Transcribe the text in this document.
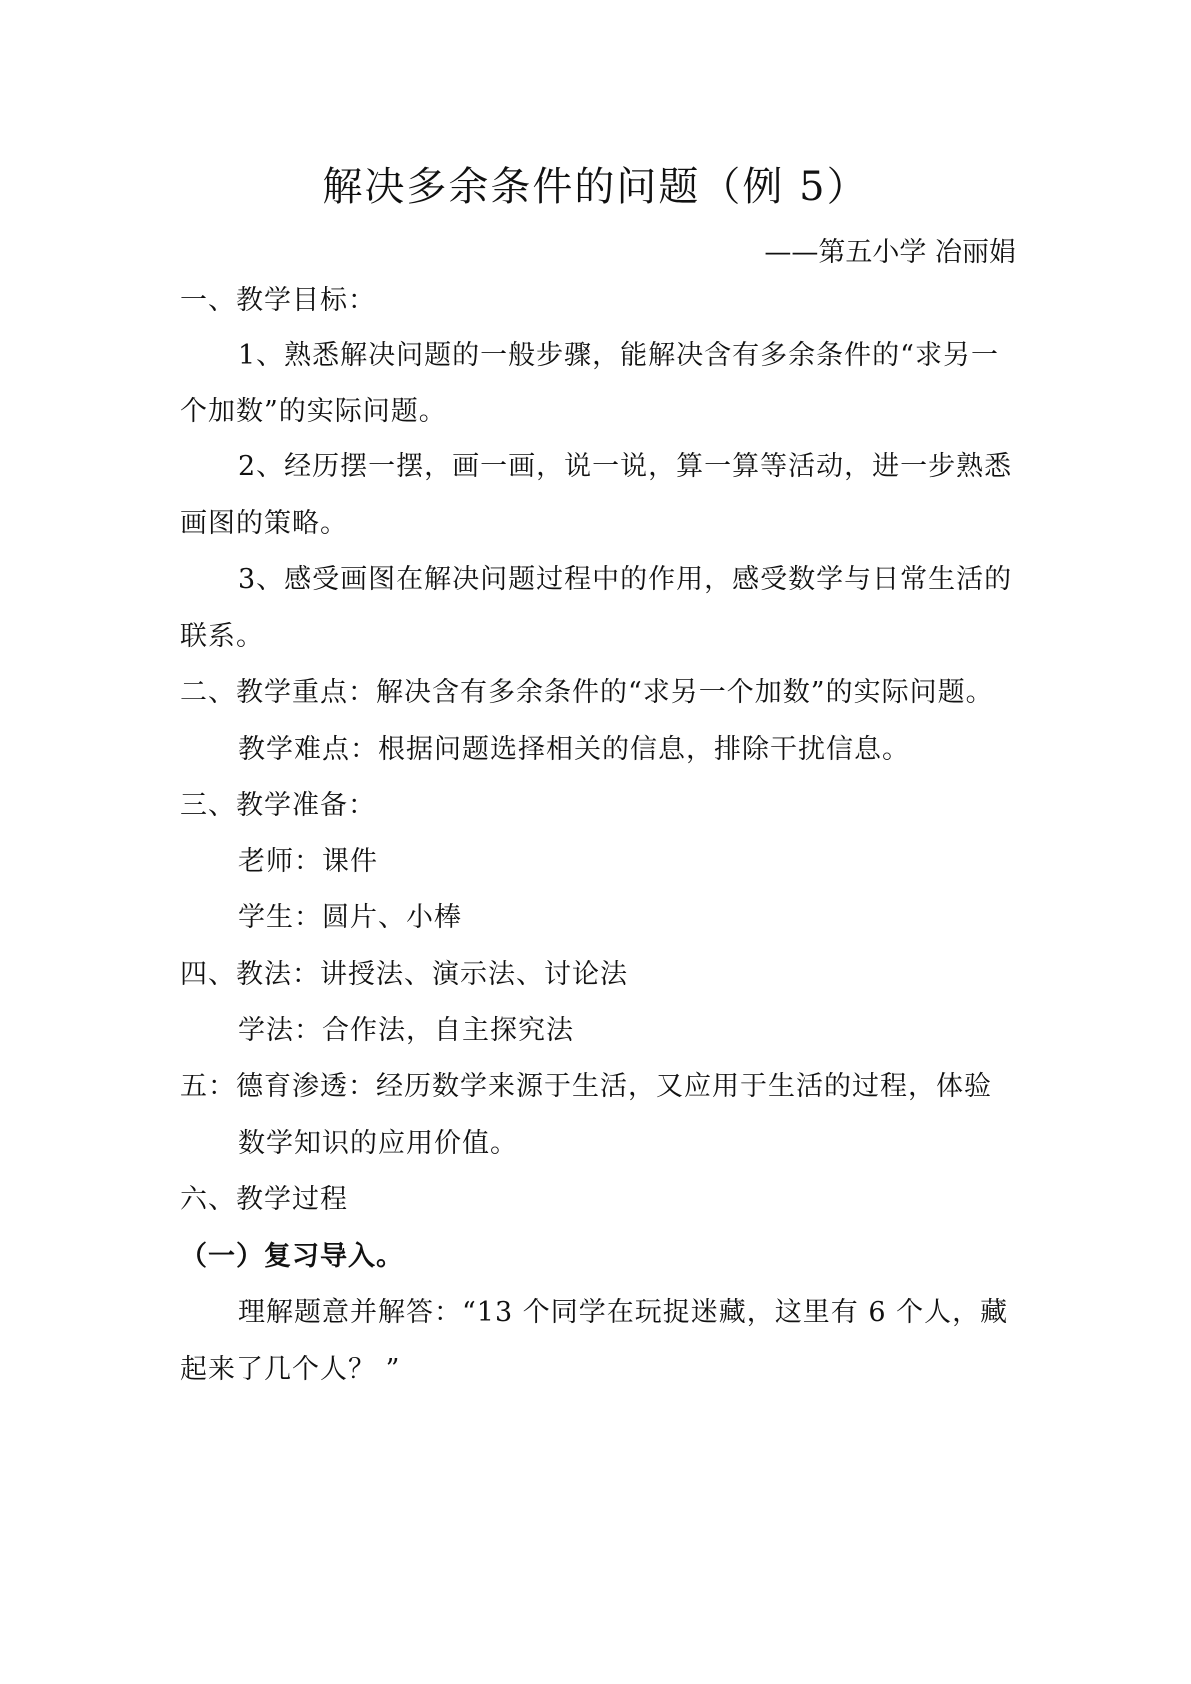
解决多余条件的问题（例 5）
——第五小学 冶丽娟
一、教学目标：
1、熟悉解决问题的一般步骤，能解决含有多余条件的“求另一
个加数”的实际问题。
2、经历摆一摆，画一画，说一说，算一算等活动，进一步熟悉
画图的策略。
3、感受画图在解决问题过程中的作用，感受数学与日常生活的
联系。
二、教学重点：解决含有多余条件的“求另一个加数”的实际问题。
教学难点：根据问题选择相关的信息，排除干扰信息。
三、教学准备：
老师：课件
学生：圆片、小棒
四、教法：讲授法、演示法、讨论法
学法：合作法，自主探究法
五：德育渗透：经历数学来源于生活，又应用于生活的过程，体验
数学知识的应用价值。
六、教学过程
（一）复习导入。
理解题意并解答：“13 个同学在玩捉迷藏，这里有 6 个人，藏
起来了几个人？ ”
